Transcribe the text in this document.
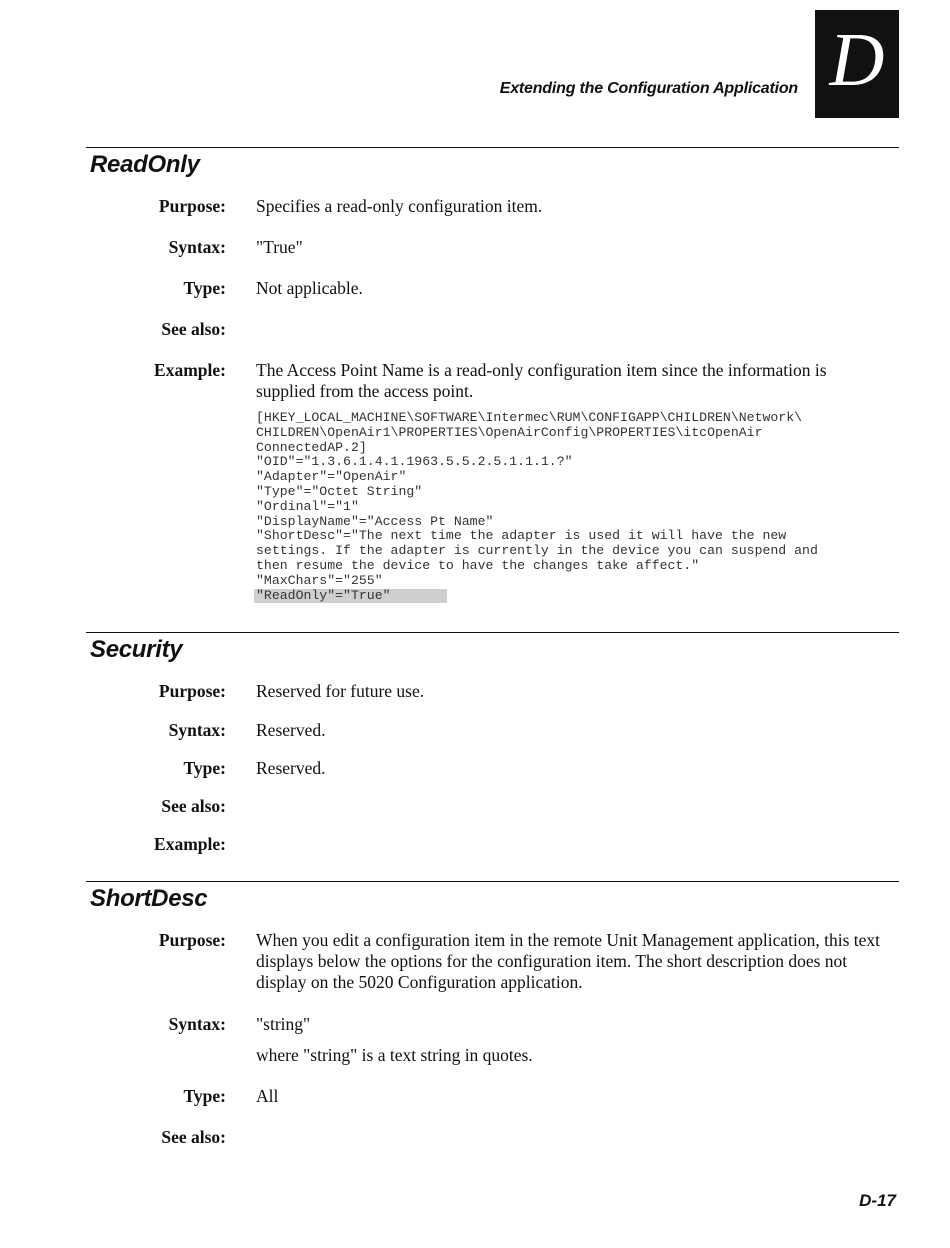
Extending the Configuration Application D
ReadOnly
Purpose: Specifies a read-only configuration item.
Syntax: "True"
Type: Not applicable.
See also:
Example: The Access Point Name is a read-only configuration item since the information is supplied from the access point.
[HKEY_LOCAL_MACHINE\SOFTWARE\Intermec\RUM\CONFIGAPP\CHILDREN\Network\
CHILDREN\OpenAir1\PROPERTIES\OpenAirConfig\PROPERTIES\itcOpenAir
ConnectedAP.2]
"OID"="1.3.6.1.4.1.1963.5.5.2.5.1.1.1.?"
"Adapter"="OpenAir"
"Type"="Octet String"
"Ordinal"="1"
"DisplayName"="Access Pt Name"
"ShortDesc"="The next time the adapter is used it will have the new
settings. If the adapter is currently in the device you can suspend and
then resume the device to have the changes take affect."
"MaxChars"="255"
"ReadOnly"="True"
Security
Purpose: Reserved for future use.
Syntax: Reserved.
Type: Reserved.
See also:
Example:
ShortDesc
Purpose: When you edit a configuration item in the remote Unit Management application, this text displays below the options for the configuration item. The short description does not display on the 5020 Configuration application.
Syntax: "string"
where "string" is a text string in quotes.
Type: All
See also:
D-17
